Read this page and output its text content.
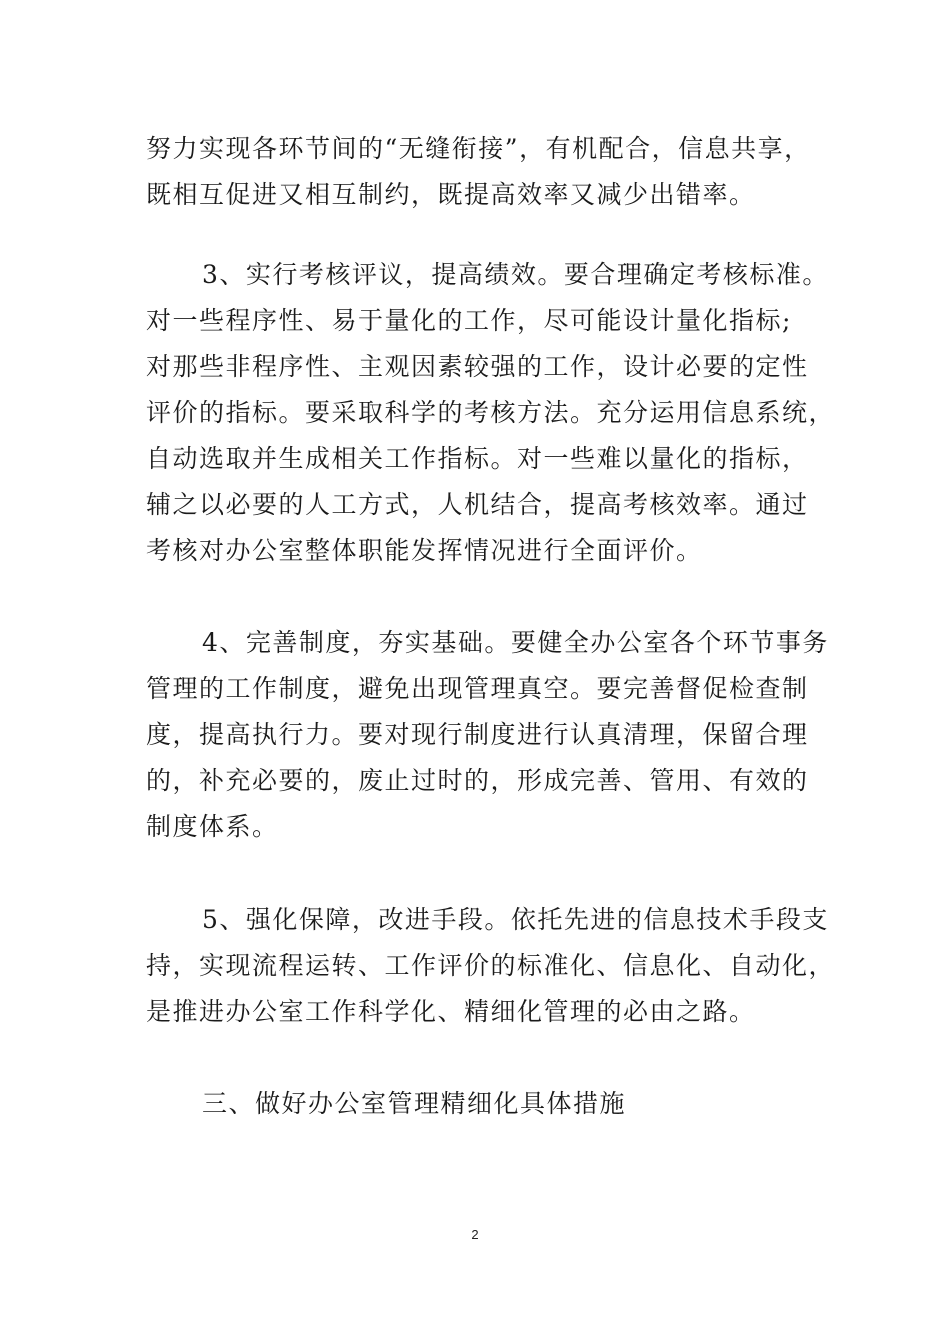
努力实现各环节间的“无缝衔接”，有机配合，信息共享，
既相互促进又相互制约，既提高效率又减少出错率。
3、实行考核评议，提高绩效。要合理确定考核标准。
对一些程序性、易于量化的工作，尽可能设计量化指标;
对那些非程序性、主观因素较强的工作，设计必要的定性
评价的指标。要采取科学的考核方法。充分运用信息系统，
自动选取并生成相关工作指标。对一些难以量化的指标，
辅之以必要的人工方式，人机结合，提高考核效率。通过
考核对办公室整体职能发挥情况进行全面评价。
4、完善制度，夯实基础。要健全办公室各个环节事务
管理的工作制度，避免出现管理真空。要完善督促检查制
度，提高执行力。要对现行制度进行认真清理，保留合理
的，补充必要的，废止过时的，形成完善、管用、有效的
制度体系。
5、强化保障，改进手段。依托先进的信息技术手段支
持，实现流程运转、工作评价的标准化、信息化、自动化，
是推进办公室工作科学化、精细化管理的必由之路。
三、做好办公室管理精细化具体措施
2
